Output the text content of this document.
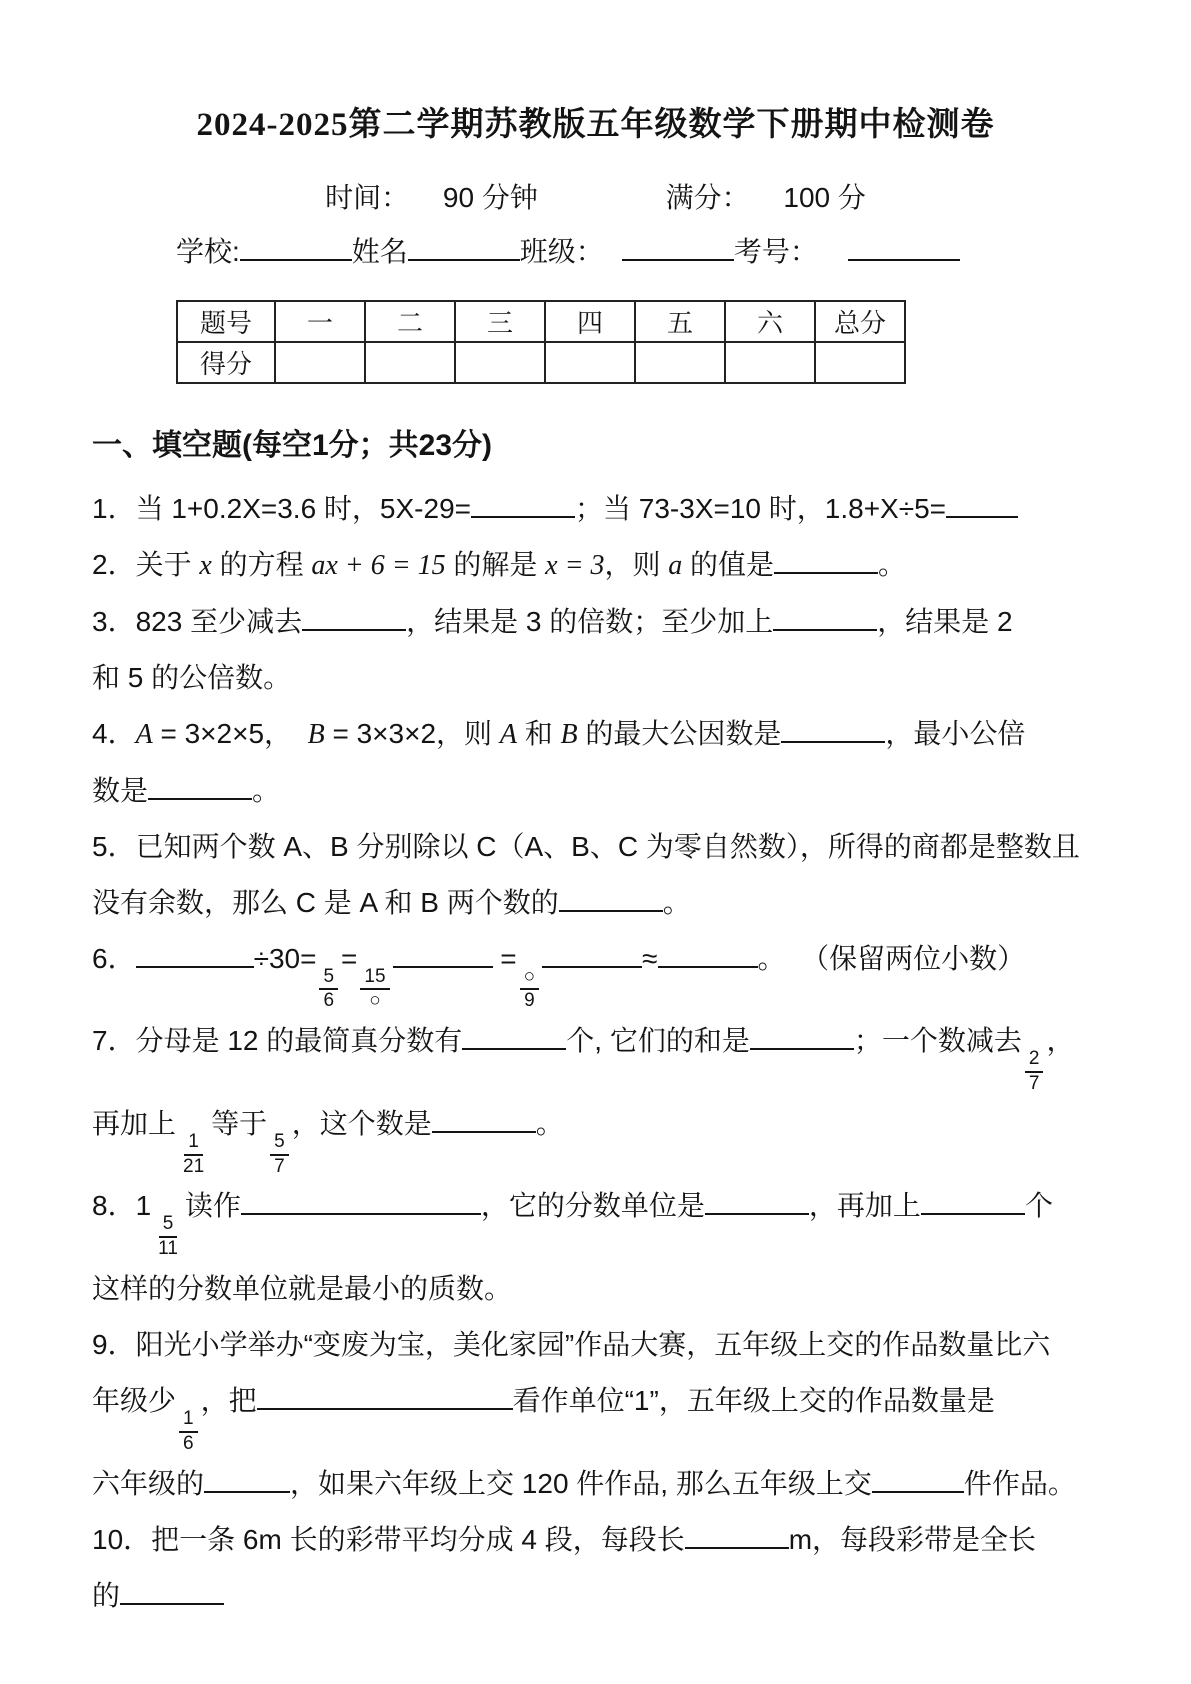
2024-2025第二学期苏教版五年级数学下册期中检测卷
时间： 90 分钟	满分： 100 分
学校:	姓名	班级：	考号：
题号	一	二	三	四	五	六	总分
得分							
一、填空题(每空1分；共23分)

1．当 1+0.2X=3.6 时，5X-29=	；当 73-3X=10 时，1.8+X÷5=

2．关于 x 的方程 ax + 6 = 15 的解是 x = 3，则 a 的值是	。

3．823 至少减去	，结果是 3 的倍数；至少加上	，结果是 2
和 5 的公倍数。

4．A = 3×2×5，  B = 3×3×2，则 A 和 B 的最大公因数是	，最小公倍
数是	。

5．已知两个数 A、B 分别除以 C（A、B、C 为零自然数），所得的商都是整数且
没有余数，那么 C 是 A 和 B 两个数的	。

6．	÷30=
$\frac{5}{6}$
=
$\frac{15}{○}$
=
$\frac{○}{9}$
≈	。  （保留两位小数）

7．分母是 12 的最简真分数有	个, 它们的和是	；一个数减去
$\frac{2}{7}$
，
再加上
$\frac{1}{21}$
等于
$\frac{5}{7}$
，这个数是	。

8．1
$\frac{5}{11}$
读作	，它的分数单位是	，再加上	个
这样的分数单位就是最小的质数。

9．阳光小学举办“变废为宝，美化家园”作品大赛，五年级上交的作品数量比六
年级少
$\frac{1}{6}$
，把	看作单位“1”，五年级上交的作品数量是
六年级的	，如果六年级上交 120 件作品, 那么五年级上交	件作品。

10．把一条 6m 长的彩带平均分成 4 段，每段长	m，每段彩带是全长
的
